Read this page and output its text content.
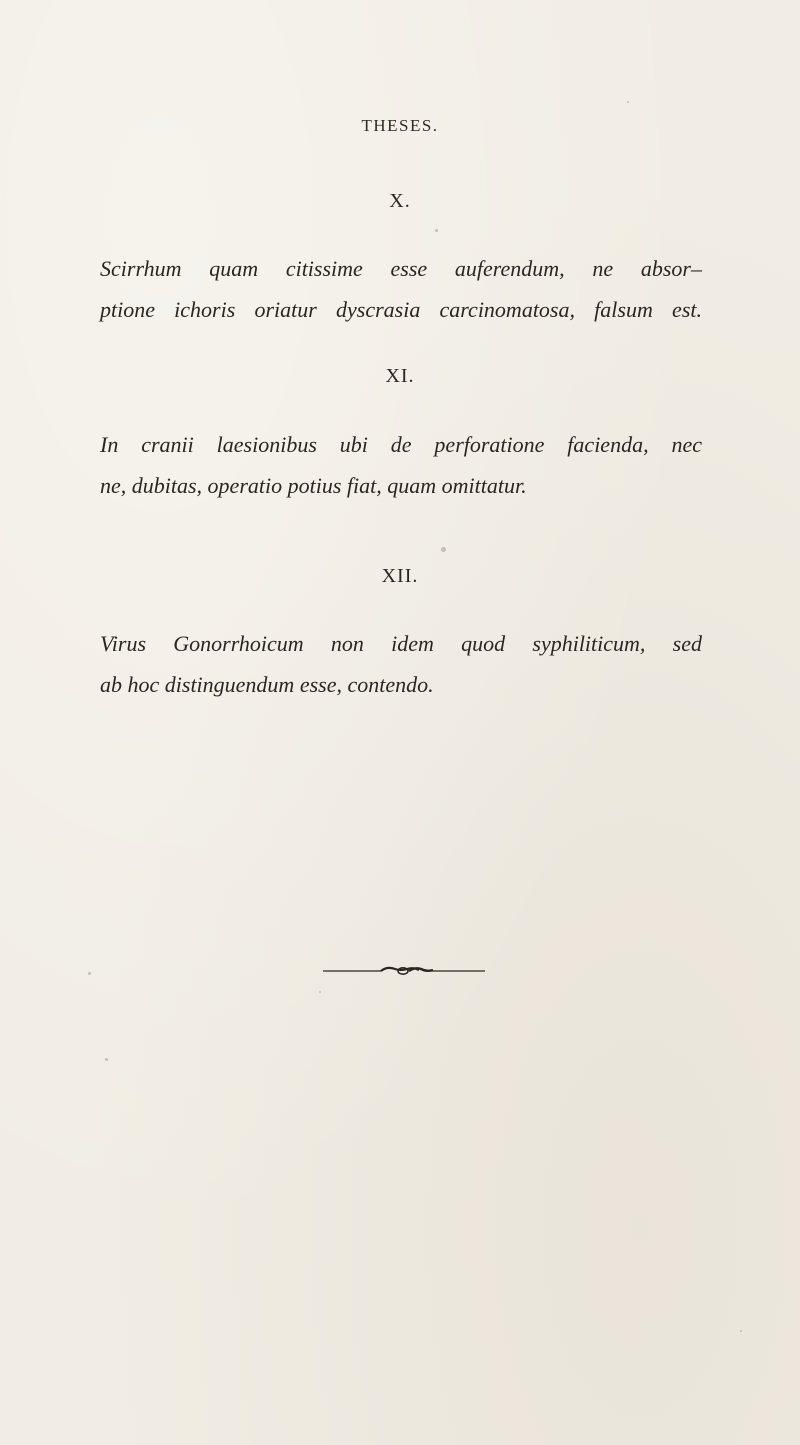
THESES.
X.
Scirrhum quam citissime esse auferendum, ne absor–
ptione ichoris oriatur dyscrasia carcinomatosa, falsum est.
XI.
In cranii laesionibus ubi de perforatione facienda, nec
ne, dubitas, operatio potius fiat, quam omittatur.
XII.
Virus Gonorrhoicum non idem quod syphiliticum, sed
ab hoc distinguendum esse, contendo.
